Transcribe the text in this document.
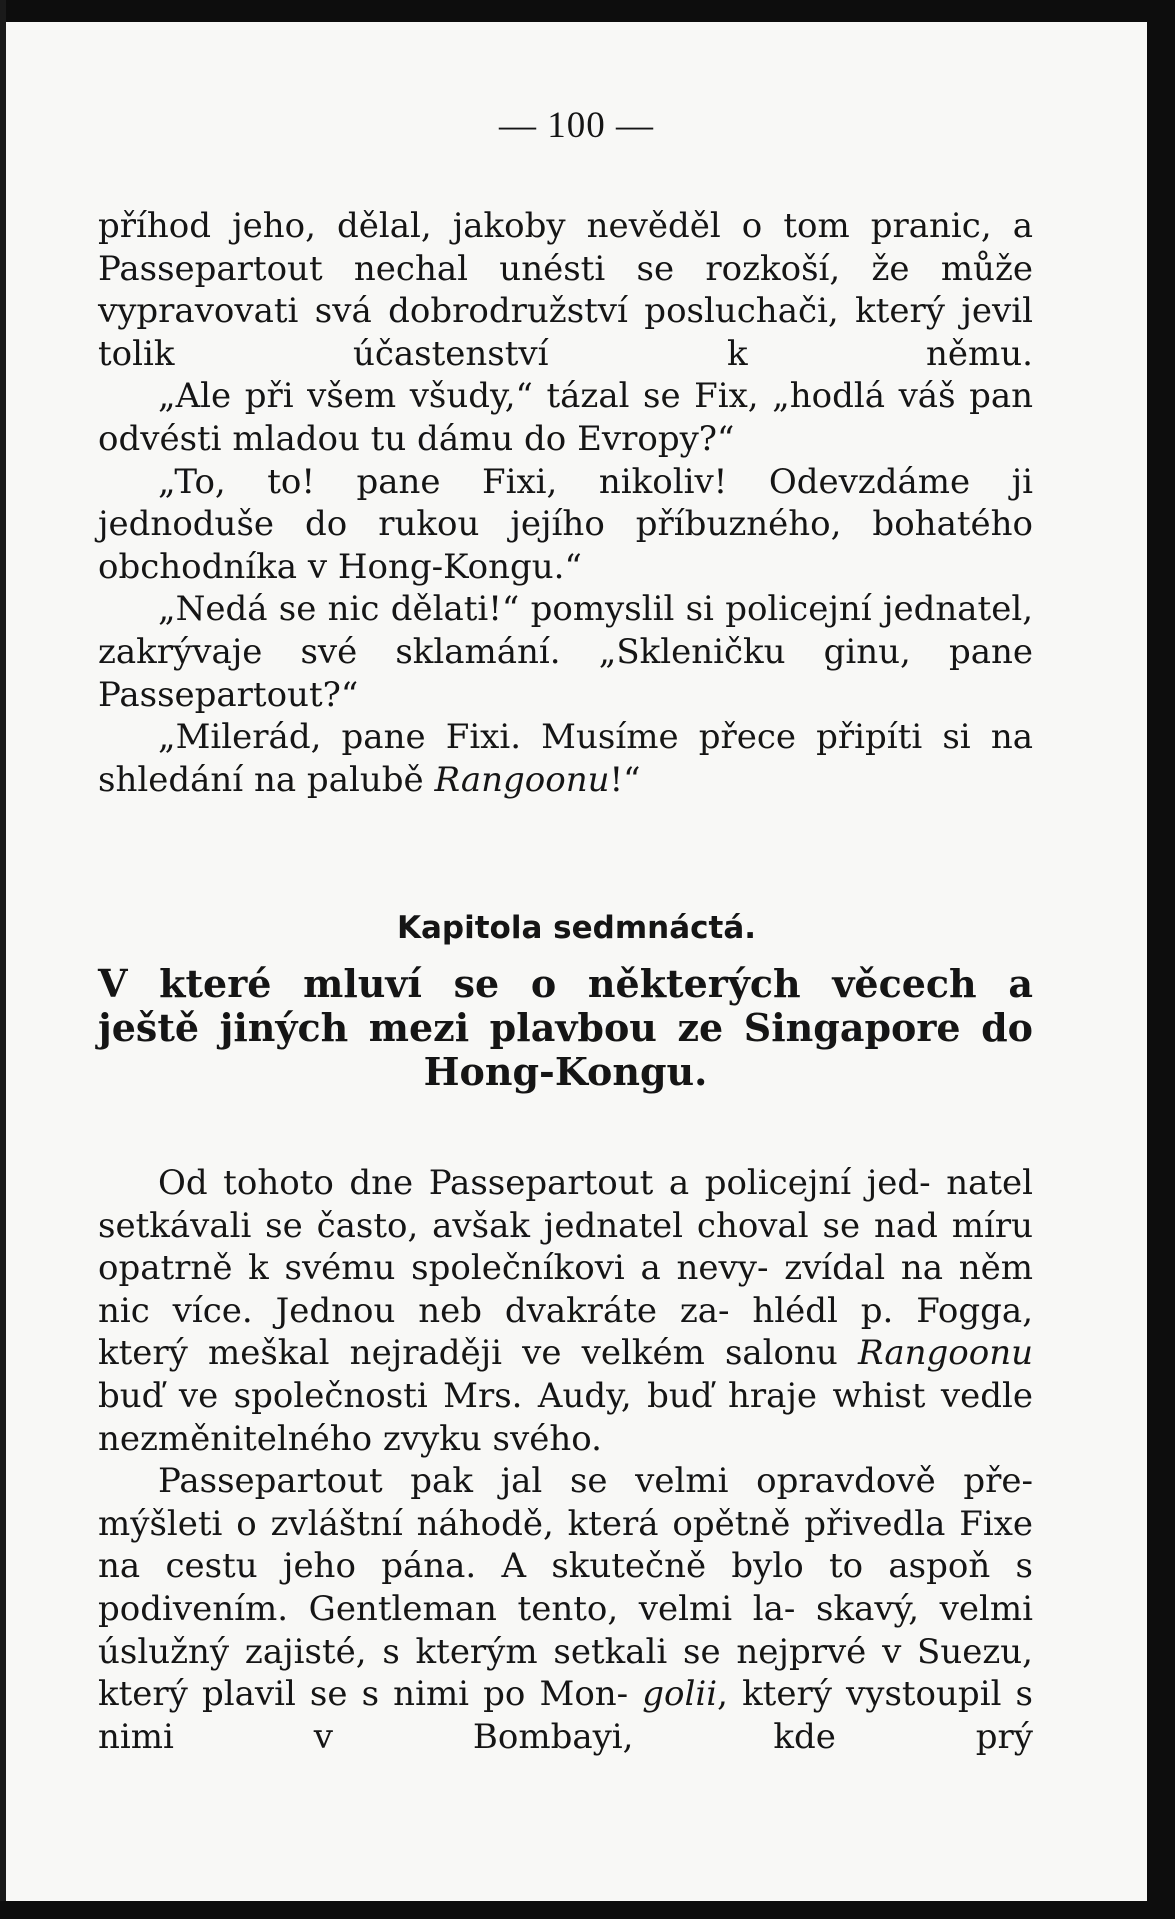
— 100 —

příhod jeho, dělal, jakoby nevěděl o tom pranic, a Passepartout nechal unésti se rozkoší, že může vypravovati svá dobrodružství posluchači, který jevil tolik účastenství k němu.

„Ale při všem všudy,“ tázal se Fix, „hodlá váš pan odvésti mladou tu dámu do Evropy?“

„To, to! pane Fixi, nikoliv! Odevzdáme ji jednoduše do rukou jejího příbuzného, bohatého obchodníka v Hong-Kongu.“

„Nedá se nic dělati!“ pomyslil si policejní jednatel, zakrývaje své sklamání. „Skleničku ginu, pane Passepartout?“

„Milerád, pane Fixi. Musíme přece připíti si na shledání na palubě Rangoonu!“

Kapitola sedmnáctá.
V které mluví se o některých věcech a
ještě jiných mezi plavbou ze Singapore do
Hong-Kongu.

Od tohoto dne Passepartout a policejní jed- natel setkávali se často, avšak jednatel choval se nad míru opatrně k svému společníkovi a nevy- zvídal na něm nic více. Jednou neb dvakráte za- hlédl p. Fogga, který meškal nejraději ve velkém salonu Rangoonu buď ve společnosti Mrs. Audy, buď hraje whist vedle nezměnitelného zvyku svého.

Passepartout pak jal se velmi opravdově pře- mýšleti o zvláštní náhodě, která opětně přivedla Fixe na cestu jeho pána. A skutečně bylo to aspoň s podivením. Gentleman tento, velmi la- skavý, velmi úslužný zajisté, s kterým setkali se nejprvé v Suezu, který plavil se s nimi po Mon- golii, který vystoupil s nimi v Bombayi, kde prý
